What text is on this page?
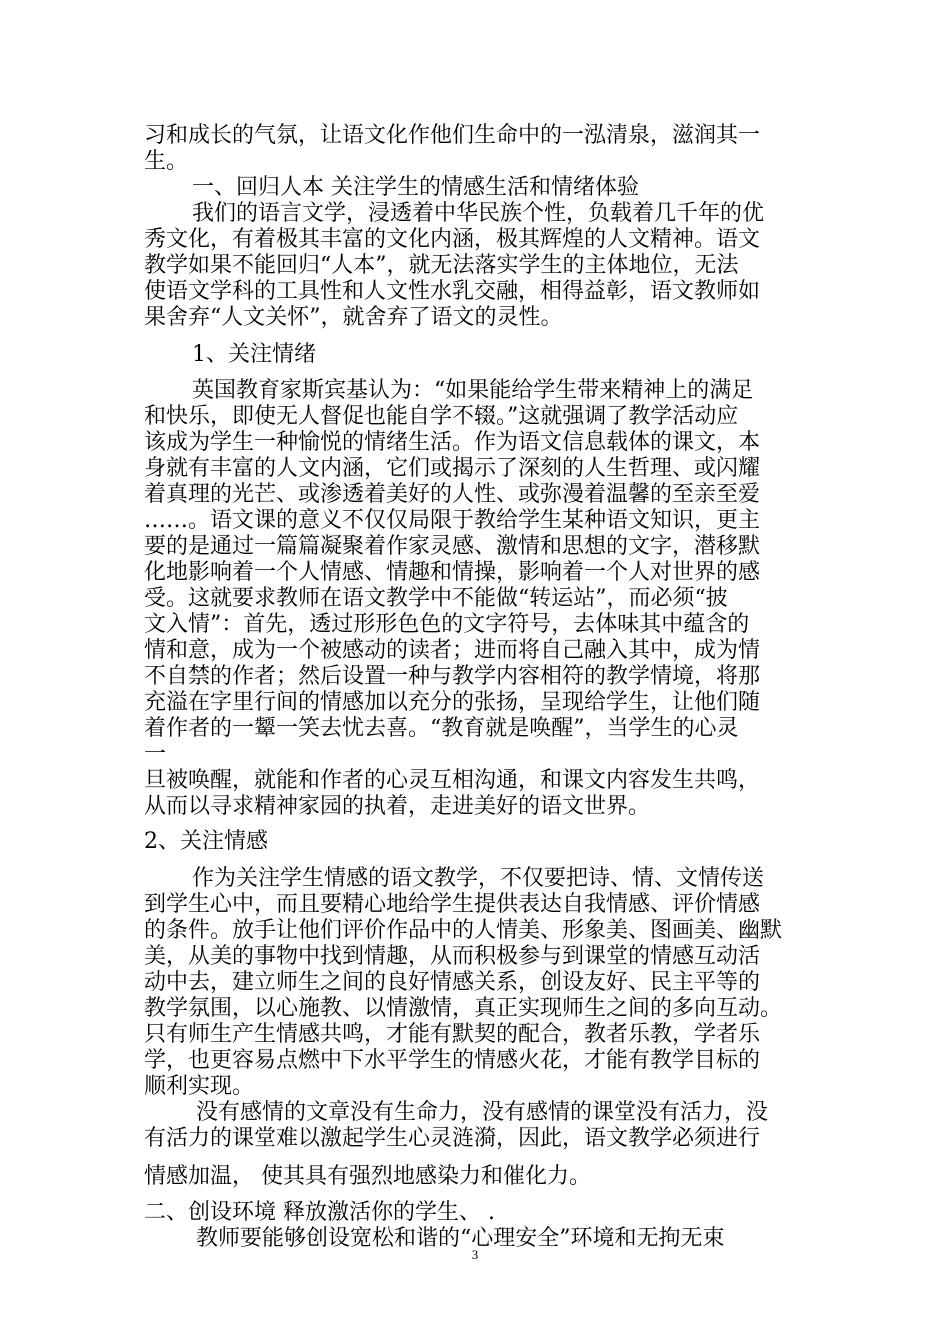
习和成长的气氛，让语文化作他们生命中的一泓清泉，滋润其一
生。
一、回归人本 关注学生的情感生活和情绪体验
我们的语言文学，浸透着中华民族个性，负载着几千年的优
秀文化，有着极其丰富的文化内涵，极其辉煌的人文精神。语文
教学如果不能回归“人本”，就无法落实学生的主体地位，无法
使语文学科的工具性和人文性水乳交融，相得益彰，语文教师如
果舍弃“人文关怀”，就舍弃了语文的灵性。
1、关注情绪
英国教育家斯宾基认为：“如果能给学生带来精神上的满足
和快乐，即使无人督促也能自学不辍。”这就强调了教学活动应
该成为学生一种愉悦的情绪生活。作为语文信息载体的课文，本
身就有丰富的人文内涵，它们或揭示了深刻的人生哲理、或闪耀
着真理的光芒、或渗透着美好的人性、或弥漫着温馨的至亲至爱
……。语文课的意义不仅仅局限于教给学生某种语文知识，更主
要的是通过一篇篇凝聚着作家灵感、激情和思想的文字，潜移默
化地影响着一个人情感、情趣和情操，影响着一个人对世界的感
受。这就要求教师在语文教学中不能做“转运站”，而必须“披
文入情”：首先，透过形形色色的文字符号，去体味其中蕴含的
情和意，成为一个被感动的读者；进而将自己融入其中，成为情
不自禁的作者；然后设置一种与教学内容相符的教学情境，将那
充溢在字里行间的情感加以充分的张扬，呈现给学生，让他们随
着作者的一颦一笑去忧去喜。“教育就是唤醒”，当学生的心灵
一
旦被唤醒，就能和作者的心灵互相沟通，和课文内容发生共鸣，
从而以寻求精神家园的执着，走进美好的语文世界。
2、关注情感
作为关注学生情感的语文教学，不仅要把诗、情、文情传送
到学生心中，而且要精心地给学生提供表达自我情感、评价情感
的条件。放手让他们评价作品中的人情美、形象美、图画美、幽默
美，从美的事物中找到情趣，从而积极参与到课堂的情感互动活
动中去，建立师生之间的良好情感关系，创设友好、民主平等的
教学氛围，以心施教、以情激情，真正实现师生之间的多向互动。
只有师生产生情感共鸣，才能有默契的配合，教者乐教，学者乐
学，也更容易点燃中下水平学生的情感火花，才能有教学目标的
顺利实现。
没有感情的文章没有生命力，没有感情的课堂没有活力，没
有活力的课堂难以激起学生心灵涟漪，因此，语文教学必须进行
情感加温， 使其具有强烈地感染力和催化力。
二、创设环境 释放激活你的学生、 .
教师要能够创设宽松和谐的“心理安全”环境和无拘无束
3
